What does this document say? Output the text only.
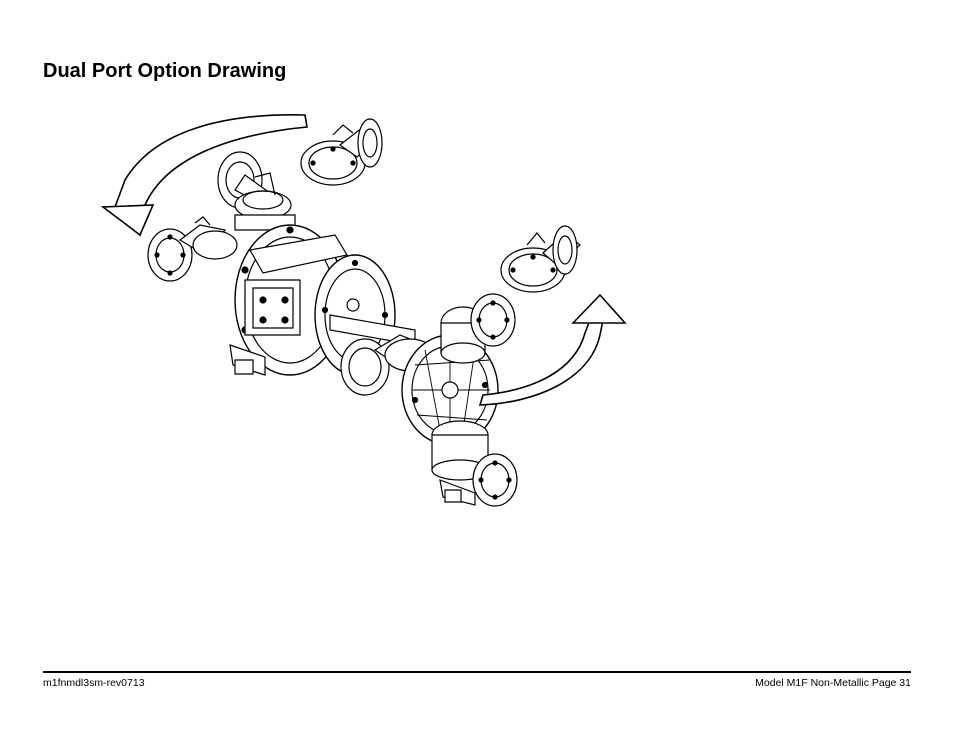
Dual Port Option Drawing
m1fnmdl3sm-rev0713	Model M1F Non-Metallic Page 31
